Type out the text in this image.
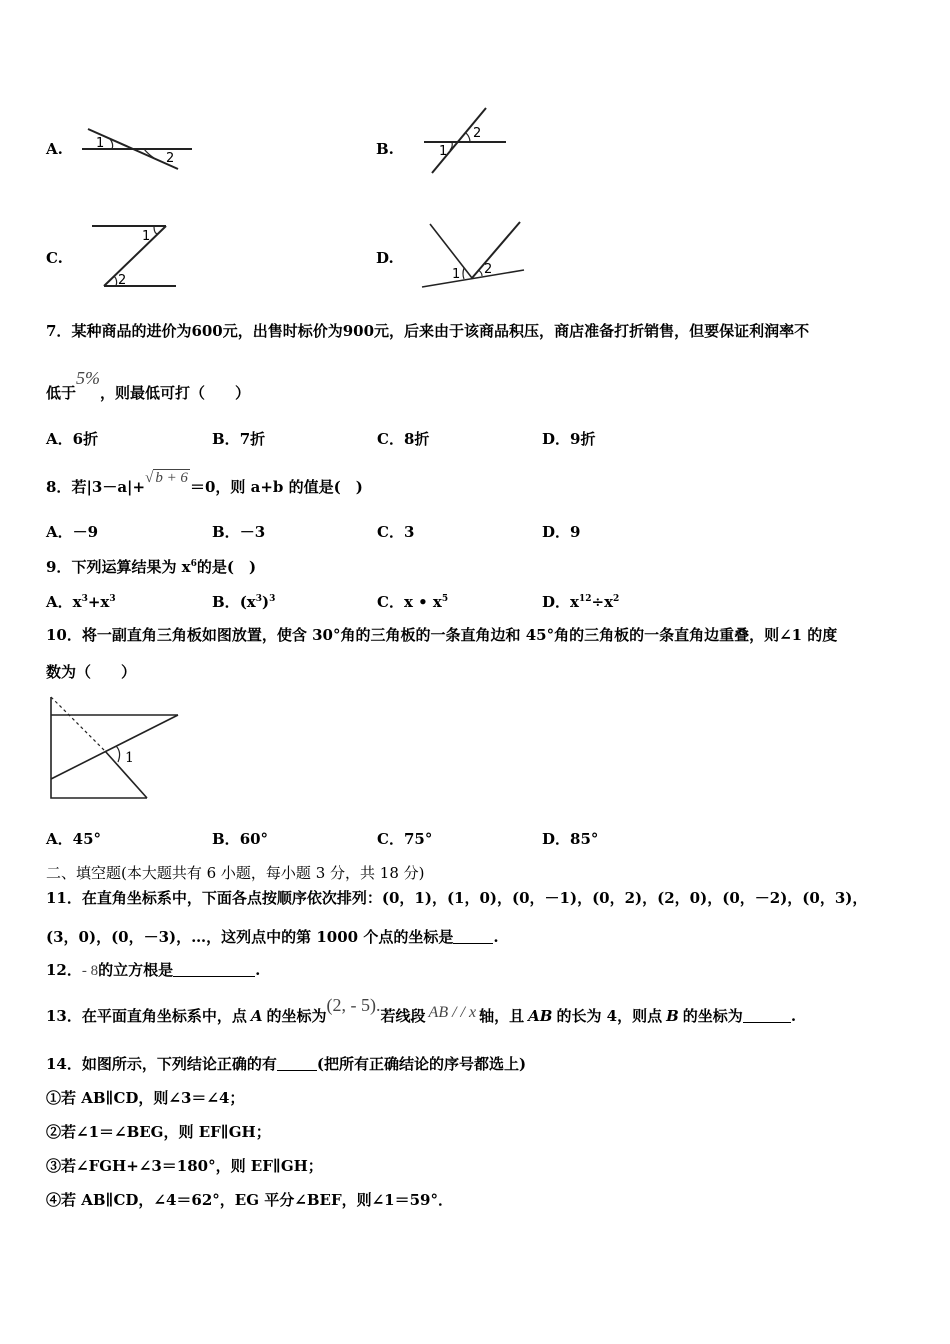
A.	1
2
B.
2
1
C.
1
2
D.
1 2
7．某种商品的进价为600元，出售时标价为900元，后来由于该商品积压，商店准备打折销售，但要保证利润率不
低于5%，则最低可打（　　）
A．6折	B．7折	C．8折	D．9折
8．若|3－a|+√ b + 6 ＝0，则 a+b 的值是(　)
A．－9	B．－3	C．3	D．9
9．下列运算结果为 $x^6$的是(　)
A．$x^3+x^3$	B．$(x^3)^3$	C．x • $x^5$	D．$x^{12}\div x^2$
10．将一副直角三角板如图放置，使含 30°角的三角板的一条直角边和 45°角的三角板的一条直角边重叠，则∠1 的度
数为（　　）
1
A．45°	B．60°	C．75°	D．85°
二、填空题(本大题共有 6 小题，每小题 3 分，共 18 分)
11．在直角坐标系中，下面各点按顺序依次排列：(0，1)，(1，0)，(0，－1)，(0，2)，(2，0)，(0，－2)，(0，3)，
(3，0)，(0，－3)，…，这列点中的第 1000 个点的坐标是	.
12．- 8的立方根是	.
13．在平面直角坐标系中，点 A 的坐标为(2, - 5).若线段 AB / / x 轴，且 AB 的长为 4，则点 B 的坐标为	.
14．如图所示，下列结论正确的有	(把所有正确结论的序号都选上)
①若 AB∥CD，则∠3＝∠4；
②若∠1＝∠BEG，则 EF∥GH；
③若∠FGH+∠3＝180°，则 EF∥GH；
④若 AB∥CD，∠4＝62°，EG 平分∠BEF，则∠1＝59°．
